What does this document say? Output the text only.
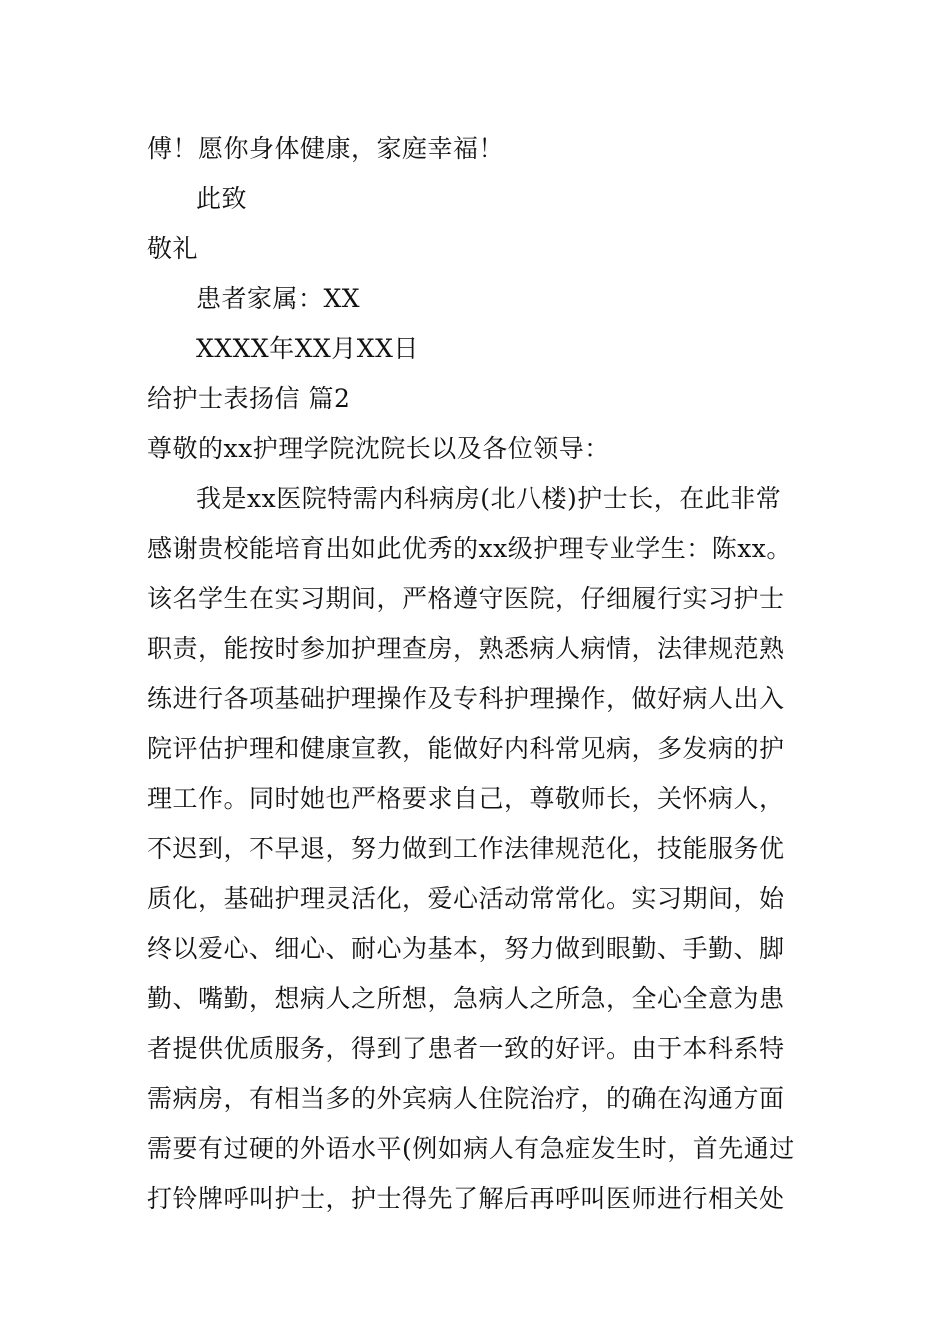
傅！愿你身体健康，家庭幸福！
此致
敬礼
患者家属：XX
XXXX年XX月XX日
给护士表扬信 篇2
尊敬的xx护理学院沈院长以及各位领导：
我是xx医院特需内科病房(北八楼)护士长，在此非常
感谢贵校能培育出如此优秀的xx级护理专业学生：陈xx。
该名学生在实习期间，严格遵守医院，仔细履行实习护士
职责，能按时参加护理查房，熟悉病人病情，法律规范熟
练进行各项基础护理操作及专科护理操作，做好病人出入
院评估护理和健康宣教，能做好内科常见病，多发病的护
理工作。同时她也严格要求自己，尊敬师长，关怀病人，
不迟到，不早退，努力做到工作法律规范化，技能服务优
质化，基础护理灵活化，爱心活动常常化。实习期间，始
终以爱心、细心、耐心为基本，努力做到眼勤、手勤、脚
勤、嘴勤，想病人之所想，急病人之所急，全心全意为患
者提供优质服务，得到了患者一致的好评。由于本科系特
需病房，有相当多的外宾病人住院治疗，的确在沟通方面
需要有过硬的外语水平(例如病人有急症发生时，首先通过
打铃牌呼叫护士，护士得先了解后再呼叫医师进行相关处
